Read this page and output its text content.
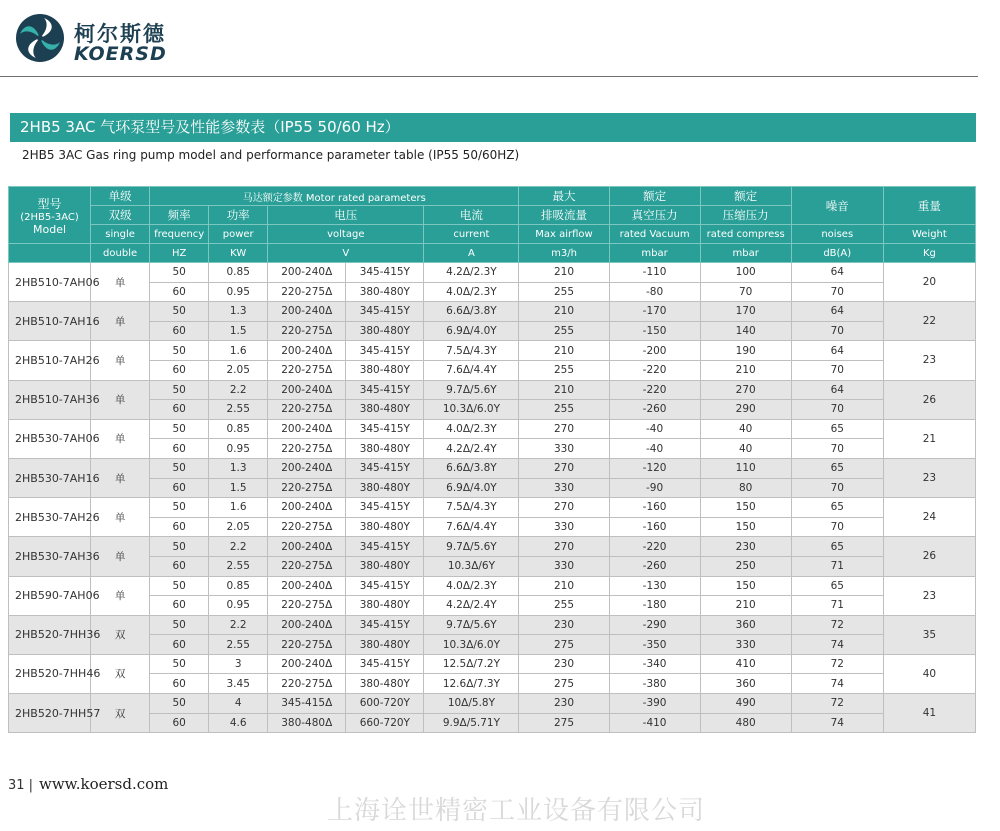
柯尔斯德
KOERSD
2HB5 3AC 气环泵型号及性能参数表（IP55 50/60 Hz）
2HB5 3AC Gas ring pump model and performance parameter table (IP55 50/60HZ)
型号
(2HB5-3AC)
Model	单级	马达额定参数 Motor rated parameters					最大	额定	额定	噪音	重量
	双级	频率	功率	电压		电流	排吸流量	真空压力	压缩压力		
	single	frequency	power	voltage		current	Max airflow	rated Vacuum	rated compress	noises	Weight
	double	HZ	KW	V		A	m3/h	mbar	mbar	dB(A)	Kg
2HB510-7AH06	单	50	0.85	200-240Δ	345-415Y	4.2Δ/2.3Y	210	-110	100	64	20
		60	0.95	220-275Δ	380-480Y	4.0Δ/2.3Y	255	-80	70	70	
2HB510-7AH16	单	50	1.3	200-240Δ	345-415Y	6.6Δ/3.8Y	210	-170	170	64	22
		60	1.5	220-275Δ	380-480Y	6.9Δ/4.0Y	255	-150	140	70	
2HB510-7AH26	单	50	1.6	200-240Δ	345-415Y	7.5Δ/4.3Y	210	-200	190	64	23
		60	2.05	220-275Δ	380-480Y	7.6Δ/4.4Y	255	-220	210	70	
2HB510-7AH36	单	50	2.2	200-240Δ	345-415Y	9.7Δ/5.6Y	210	-220	270	64	26
		60	2.55	220-275Δ	380-480Y	10.3Δ/6.0Y	255	-260	290	70	
2HB530-7AH06	单	50	0.85	200-240Δ	345-415Y	4.0Δ/2.3Y	270	-40	40	65	21
		60	0.95	220-275Δ	380-480Y	4.2Δ/2.4Y	330	-40	40	70	
2HB530-7AH16	单	50	1.3	200-240Δ	345-415Y	6.6Δ/3.8Y	270	-120	110	65	23
		60	1.5	220-275Δ	380-480Y	6.9Δ/4.0Y	330	-90	80	70	
2HB530-7AH26	单	50	1.6	200-240Δ	345-415Y	7.5Δ/4.3Y	270	-160	150	65	24
		60	2.05	220-275Δ	380-480Y	7.6Δ/4.4Y	330	-160	150	70	
2HB530-7AH36	单	50	2.2	200-240Δ	345-415Y	9.7Δ/5.6Y	270	-220	230	65	26
		60	2.55	220-275Δ	380-480Y	10.3Δ/6Y	330	-260	250	71	
2HB590-7AH06	单	50	0.85	200-240Δ	345-415Y	4.0Δ/2.3Y	210	-130	150	65	23
		60	0.95	220-275Δ	380-480Y	4.2Δ/2.4Y	255	-180	210	71	
2HB520-7HH36	双	50	2.2	200-240Δ	345-415Y	9.7Δ/5.6Y	230	-290	360	72	35
		60	2.55	220-275Δ	380-480Y	10.3Δ/6.0Y	275	-350	330	74	
2HB520-7HH46	双	50	3	200-240Δ	345-415Y	12.5Δ/7.2Y	230	-340	410	72	40
		60	3.45	220-275Δ	380-480Y	12.6Δ/7.3Y	275	-380	360	74	
2HB520-7HH57	双	50	4	345-415Δ	600-720Y	10Δ/5.8Y	230	-390	490	72	41
		60	4.6	380-480Δ	660-720Y	9.9Δ/5.71Y	275	-410	480	74	
31 | www.koersd.com
上海诠世精密工业设备有限公司
